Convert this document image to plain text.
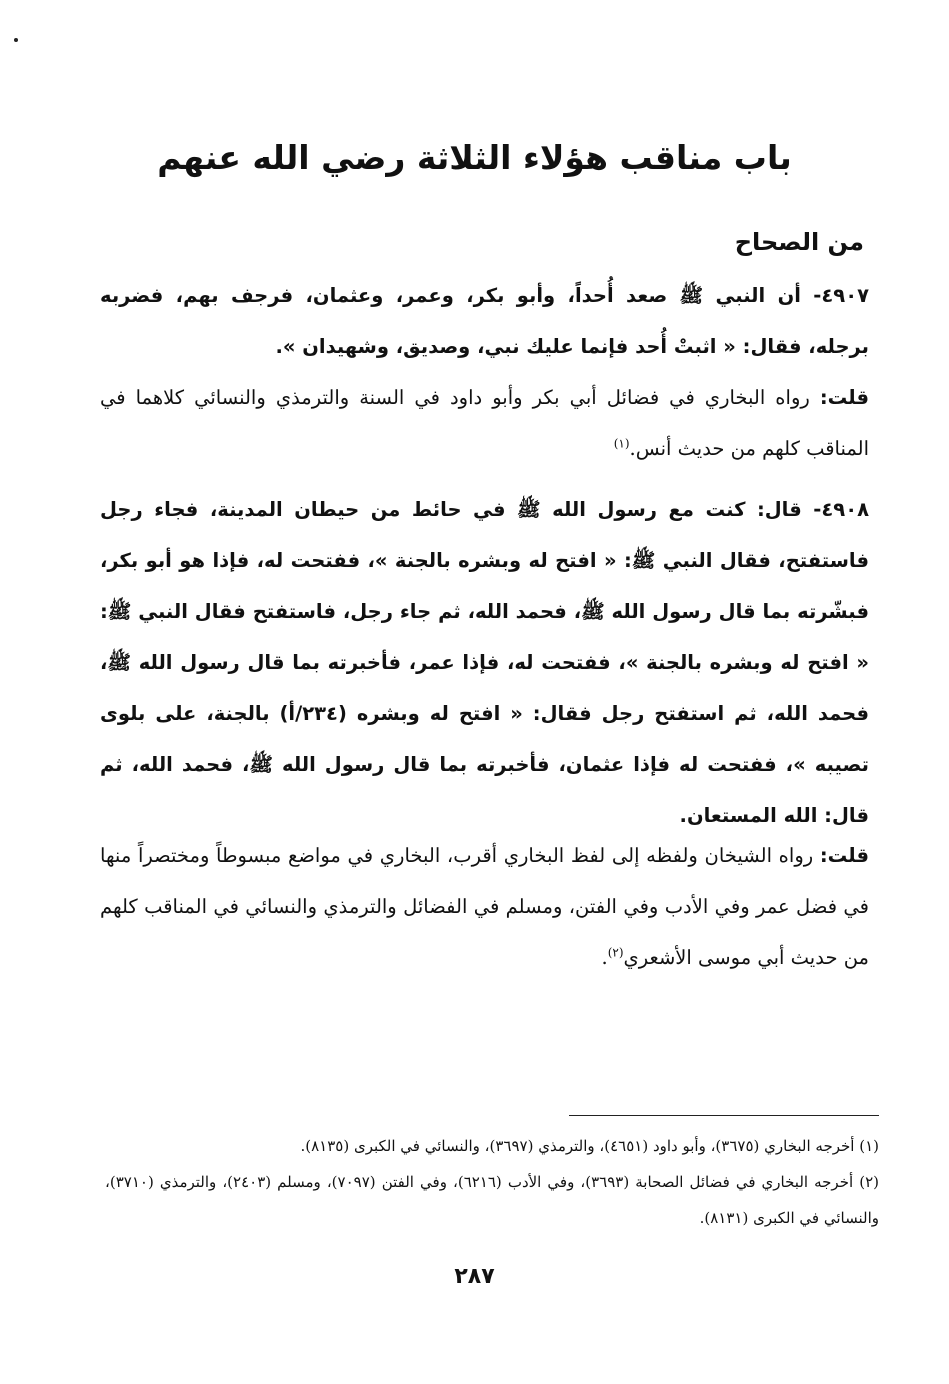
باب مناقب هؤلاء الثلاثة رضي الله عنهم
من الصحاح

٤٩٠٧- أن النبي ﷺ صعد أُحداً، وأبو بكر، وعمر، وعثمان، فرجف بهم، فضربه برجله، فقال: « اثبتْ أُحد فإنما عليك نبي، وصديق، وشهيدان ».

قلت: رواه البخاري في فضائل أبي بكر وأبو داود في السنة والترمذي والنسائي كلاهما في المناقب كلهم من حديث أنس.$^{(١)}$

٤٩٠٨- قال: كنت مع رسول الله ﷺ في حائط من حيطان المدينة، فجاء رجل فاستفتح، فقال النبي ﷺ: « افتح له وبشره بالجنة »، ففتحت له، فإذا هو أبو بكر، فبشّرته بما قال رسول الله ﷺ، فحمد الله، ثم جاء رجل، فاستفتح فقال النبي ﷺ: « افتح له وبشره بالجنة »، ففتحت له، فإذا عمر، فأخبرته بما قال رسول الله ﷺ، فحمد الله، ثم استفتح رجل فقال: « افتح له وبشره (٢٣٤/أ) بالجنة، على بلوى تصيبه »، ففتحت له فإذا عثمان، فأخبرته بما قال رسول الله ﷺ، فحمد الله، ثم قال: الله المستعان.

قلت: رواه الشيخان ولفظه إلى لفظ البخاري أقرب، البخاري في مواضع مبسوطاً ومختصراً منها في فضل عمر وفي الأدب وفي الفتن، ومسلم في الفضائل والترمذي والنسائي في المناقب كلهم من حديث أبي موسى الأشعري$^{(٢)}$.

(١) أخرجه البخاري (٣٦٧٥)، وأبو داود (٤٦٥١)، والترمذي (٣٦٩٧)، والنسائي في الكبرى (٨١٣٥).

(٢) أخرجه البخاري في فضائل الصحابة (٣٦٩٣)، وفي الأدب (٦٢١٦)، وفي الفتن (٧٠٩٧)، ومسلم (٢٤٠٣)، والترمذي (٣٧١٠)، والنسائي في الكبرى (٨١٣١).

٢٨٧
